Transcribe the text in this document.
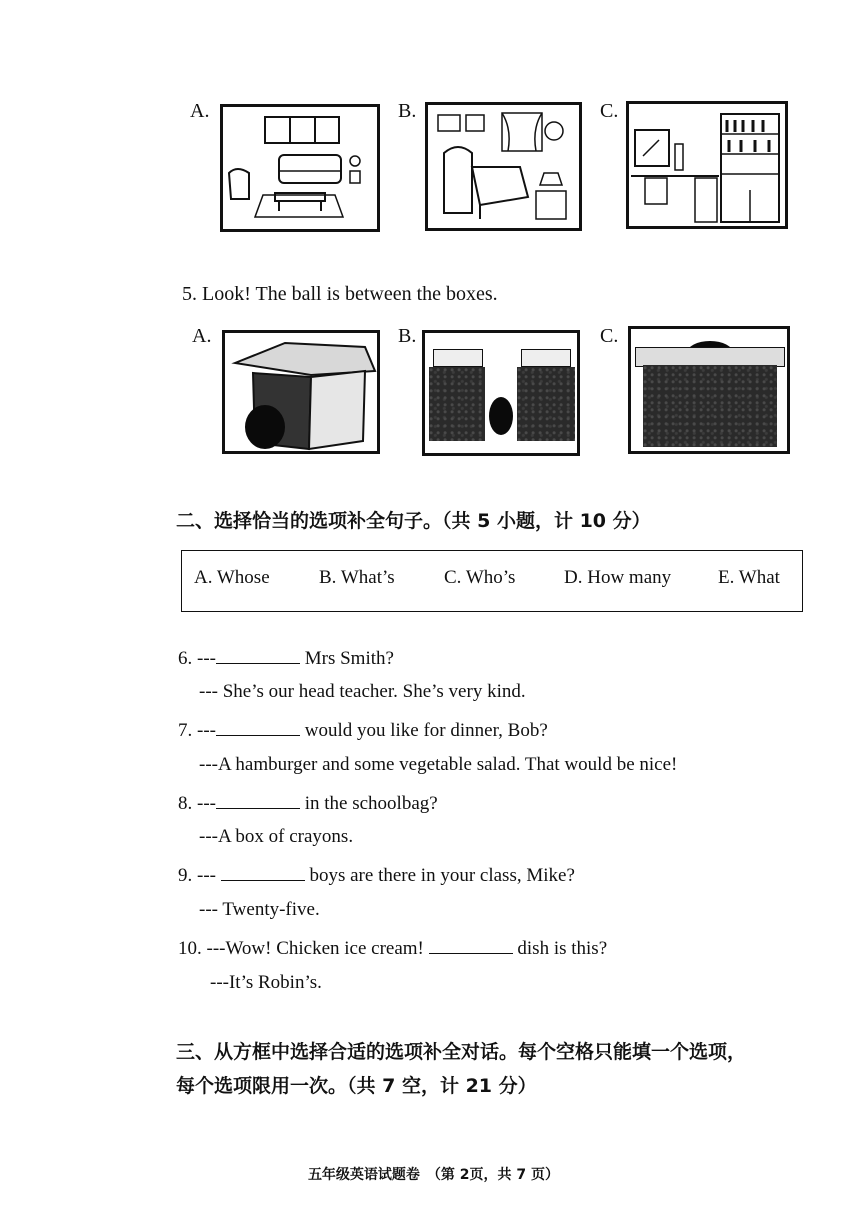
A.	B.	C.
5. Look! The ball is between the boxes.
A.	B.	C.
二、选择恰当的选项补全句子。（共 5 小题，计 10 分）
A. Whose	B. What’s	C. Who’s	D. How many E. What
6. ---	Mrs Smith?
--- She’s our head teacher. She’s very kind.
7. ---	would you like for dinner, Bob?
---A hamburger and some vegetable salad. That would be nice!
8. ---	in the schoolbag?
---A box of crayons.
9. ---	boys are there in your class, Mike?
--- Twenty-five.
10. ---Wow! Chicken ice cream!	dish is this?
---It’s Robin’s.
三、从方框中选择合适的选项补全对话。每个空格只能填一个选项，
每个选项限用一次。（共 7 空，计 21 分）
五年级英语试题卷　（第 2页，共 7 页）
